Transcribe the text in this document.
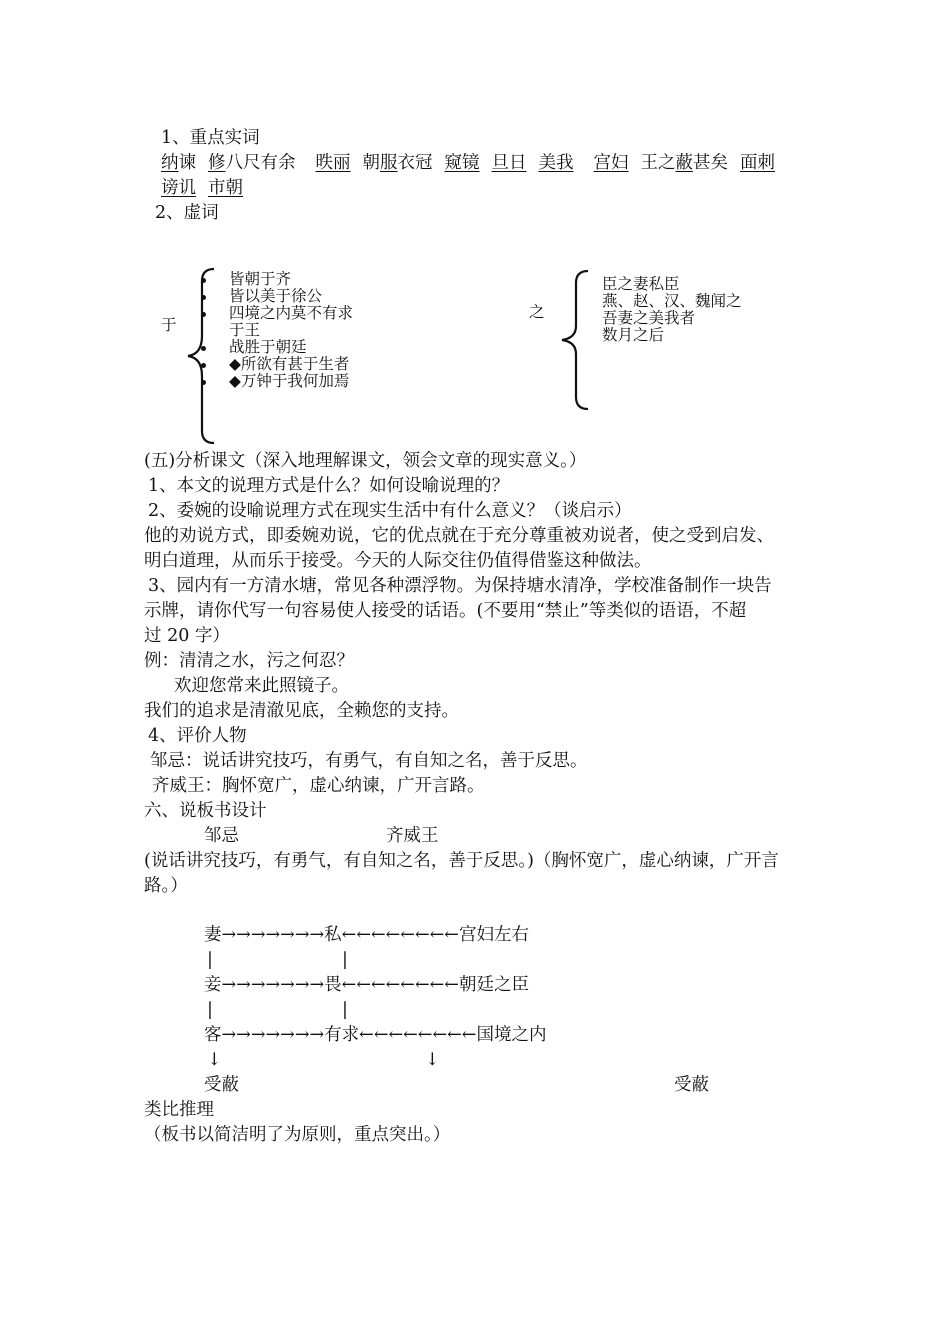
1、重点实词
纳谏 修八尺有余 昳丽 朝服衣冠 窥镜 旦日 美我 宫妇 王之蔽甚矣 面刺
谤讥 市朝
2、虚词
于
皆朝于齐
皆以美于徐公
四境之内莫不有求
于王
战胜于朝廷
◆所欲有甚于生者
◆万钟于我何加焉
之
臣之妻私臣
燕、赵、汉、魏闻之
吾妻之美我者
数月之后
(五)分析课文（深入地理解课文，领会文章的现实意义。）
1、本文的说理方式是什么？如何设喻说理的？
2、委婉的设喻说理方式在现实生活中有什么意义？（谈启示）
他的劝说方式，即委婉劝说，它的优点就在于充分尊重被劝说者，使之受到启发、
明白道理，从而乐于接受。今天的人际交往仍值得借鉴这种做法。
3、园内有一方清水塘，常见各种漂浮物。为保持塘水清净，学校准备制作一块告
示牌，请你代写一句容易使人接受的话语。(不要用“禁止”等类似的语语，不超
过 20 字）
例：清清之水，污之何忍？
欢迎您常来此照镜子。
我们的追求是清澈见底，全赖您的支持。
4、评价人物
邹忌：说话讲究技巧，有勇气，有自知之名，善于反思。
齐威王：胸怀宽广，虚心纳谏，广开言路。
六、说板书设计
邹忌	齐威王
(说话讲究技巧，有勇气，有自知之名，善于反思。)（胸怀宽广，虚心纳谏，广开言
路。）
妻→→→→→→→私←←←←←←←←宫妇左右
|	|
妾→→→→→→→畏←←←←←←←←朝廷之臣
|	|
客→→→→→→→有求←←←←←←←←国境之内
↓	↓
受蔽	受蔽
类比推理
（板书以简洁明了为原则，重点突出。）
